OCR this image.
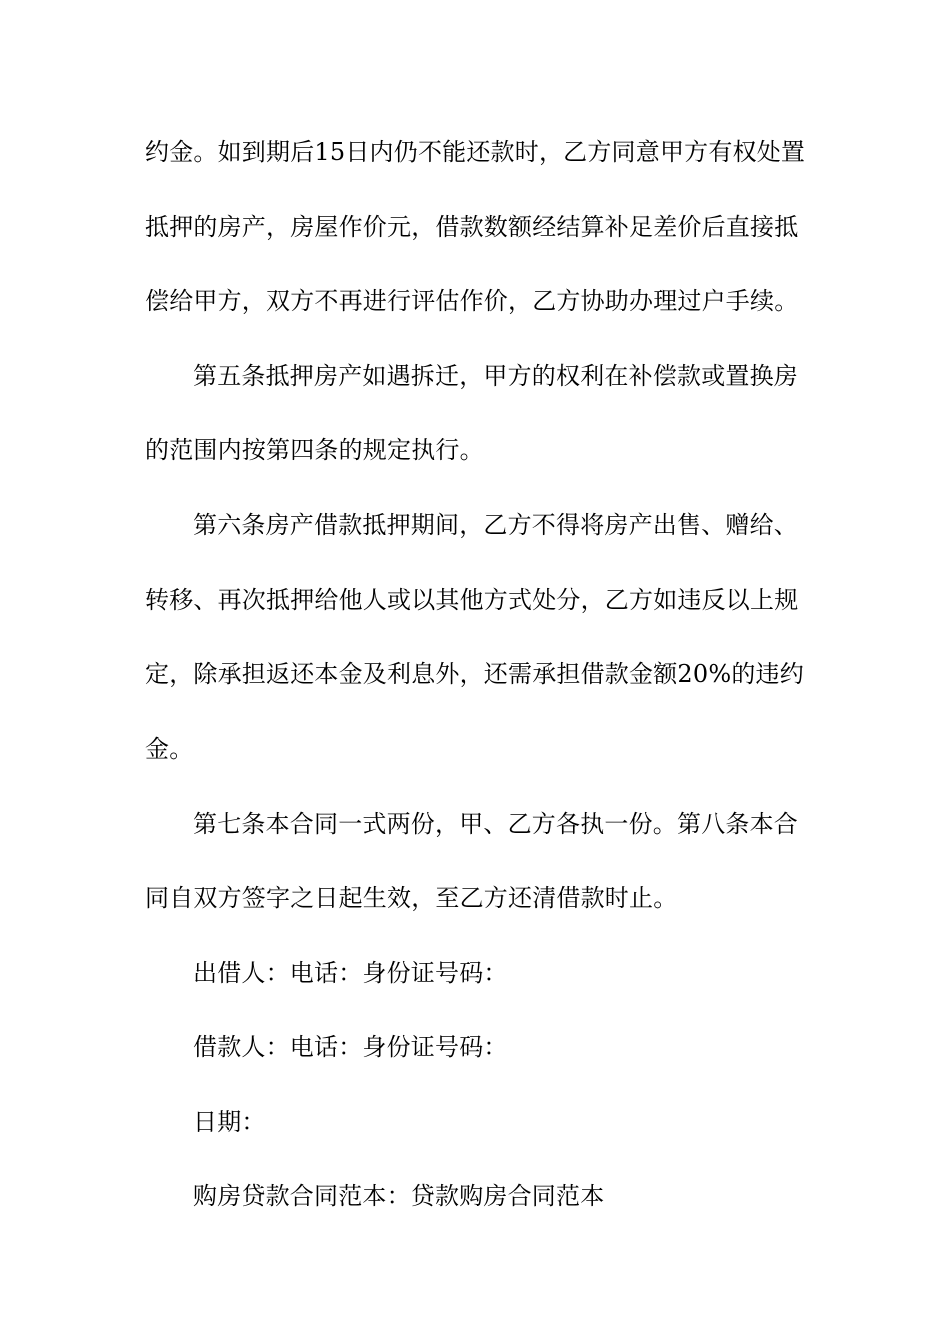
约金。如到期后15日内仍不能还款时，乙方同意甲方有权处置
抵押的房产，房屋作价元，借款数额经结算补足差价后直接抵
偿给甲方，双方不再进行评估作价，乙方协助办理过户手续。
第五条抵押房产如遇拆迁，甲方的权利在补偿款或置换房
的范围内按第四条的规定执行。
第六条房产借款抵押期间，乙方不得将房产出售、赠给、
转移、再次抵押给他人或以其他方式处分，乙方如违反以上规
定，除承担返还本金及利息外，还需承担借款金额20%的违约
金。
第七条本合同一式两份，甲、乙方各执一份。第八条本合
同自双方签字之日起生效，至乙方还清借款时止。
出借人：电话：身份证号码：
借款人：电话：身份证号码：
日期：
购房贷款合同范本：贷款购房合同范本
